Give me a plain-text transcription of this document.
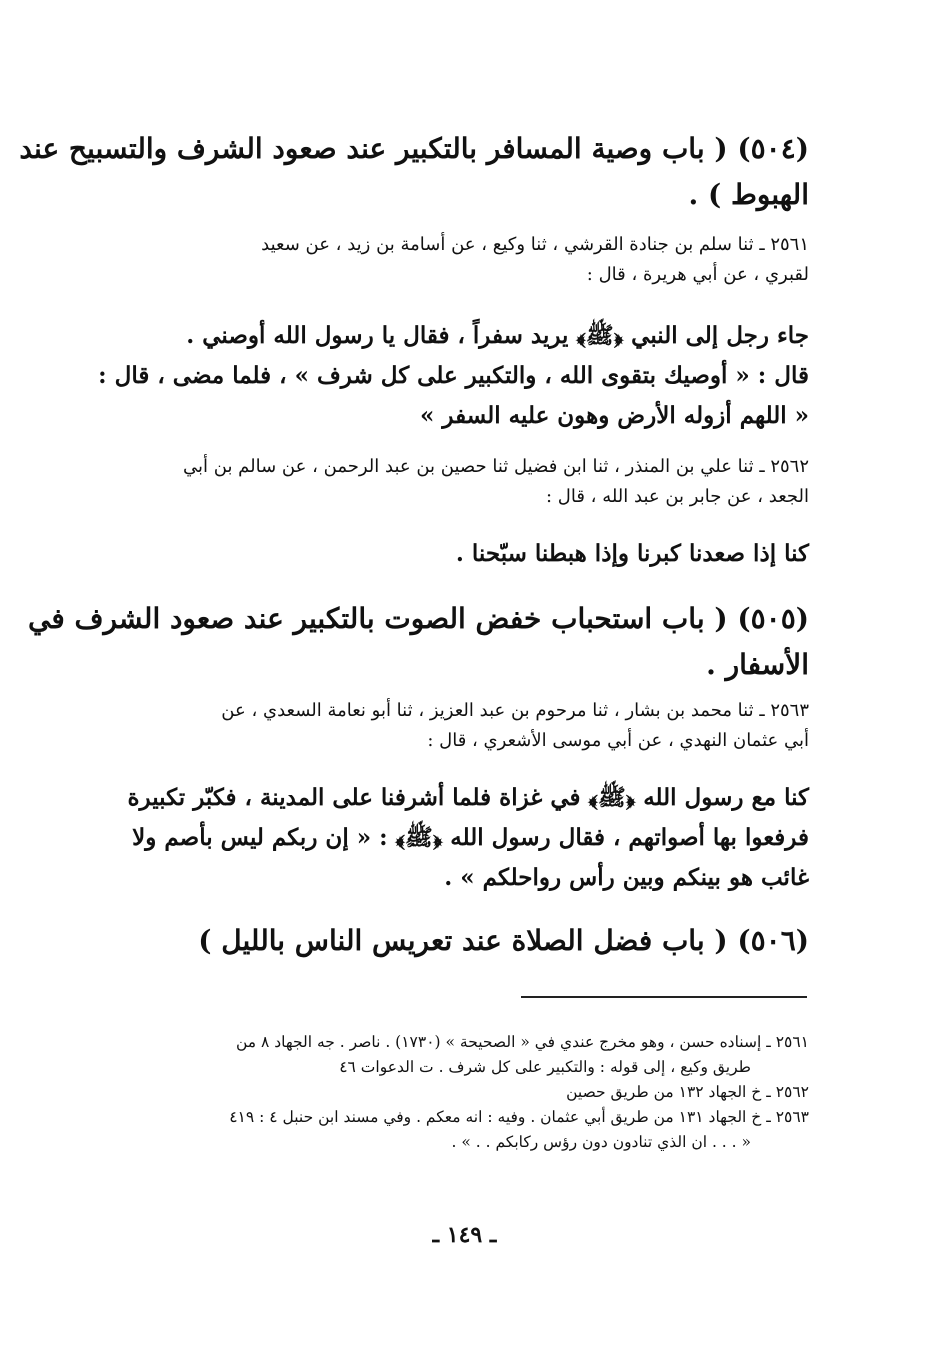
(٥٠٤) ( باب وصية المسافر بالتكبير عند صعود الشرف والتسبيح عند
الهبوط ) .
٢٥٦١ ـ ثنا سلم بن جنادة القرشي ، ثنا وكيع ، عن أسامة بن زيد ، عن سعيد
لقبري ، عن أبي هريرة ، قال :
جاء رجل إلى النبي ﴿ﷺ﴾ يريد سفراً ، فقال يا رسول الله أوصني .
قال : « أوصيك بتقوى الله ، والتكبير على كل شرف » ، فلما مضى ، قال :
« اللهم أزوله الأرض وهون عليه السفر »
٢٥٦٢ ـ ثنا علي بن المنذر ، ثنا ابن فضيل ثنا حصين بن عبد الرحمن ، عن سالم بن أبي
الجعد ، عن جابر بن عبد الله ، قال :
كنا إذا صعدنا كبرنا وإذا هبطنا سبّحنا .
(٥٠٥) ( باب استحباب خفض الصوت بالتكبير عند صعود الشرف في
الأسفار .
٢٥٦٣ ـ ثنا محمد بن بشار ، ثنا مرحوم بن عبد العزيز ، ثنا أبو نعامة السعدي ، عن
أبي عثمان النهدي ، عن أبي موسى الأشعري ، قال :
كنا مع رسول الله ﴿ﷺ﴾ في غزاة فلما أشرفنا على المدينة ، فكبّر تكبيرة
فرفعوا بها أصواتهم ، فقال رسول الله ﴿ﷺ﴾ : « إن ربكم ليس بأصم ولا
غائب هو بينكم وبين رأس رواحلكم » .
(٥٠٦) ( باب فضل الصلاة عند تعريس الناس بالليل )
٢٥٦١ ـ إسناده حسن ، وهو مخرج عندي في « الصحيحة » (١٧٣٠) . ناصر . جه الجهاد ٨ من
طريق وكيع ، إلى قوله : والتكبير على كل شرف . ت الدعوات ٤٦
٢٥٦٢ ـ خ الجهاد ١٣٢ من طريق حصين
٢٥٦٣ ـ خ الجهاد ١٣١ من طريق أبي عثمان . وفيه : انه معكم . وفي مسند ابن حنبل ٤ : ٤١٩
« . . . ان الذي تنادون دون رؤس ركابكم . . » .
ـ ١٤٩ ـ
